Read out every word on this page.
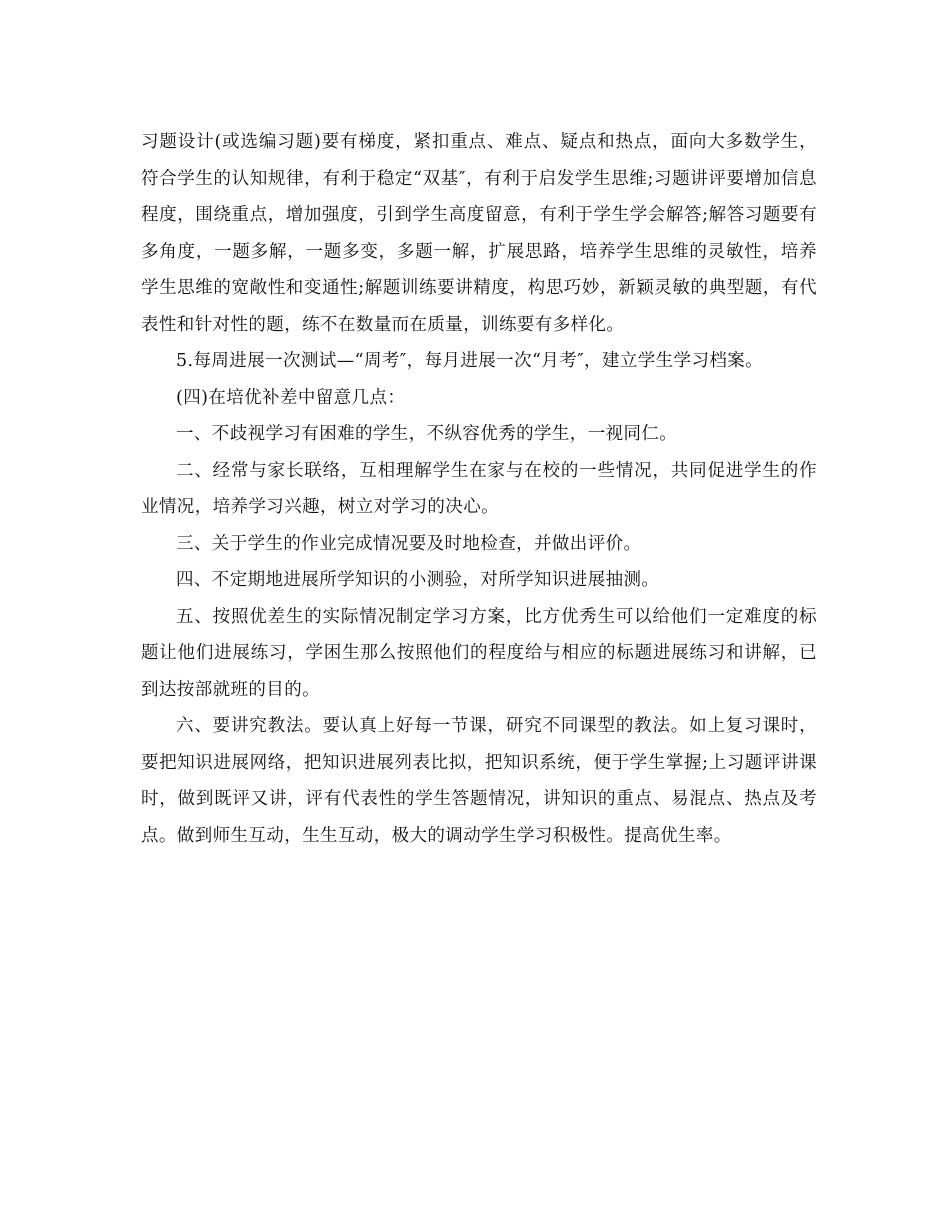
习题设计(或选编习题)要有梯度，紧扣重点、难点、疑点和热点，面向大多数学生，符合学生的认知规律，有利于稳定“双基″，有利于启发学生思维;习题讲评要增加信息程度，围绕重点，增加强度，引到学生高度留意，有利于学生学会解答;解答习题要有多角度，一题多解，一题多变，多题一解，扩展思路，培养学生思维的灵敏性，培养学生思维的宽敞性和变通性;解题训练要讲精度，构思巧妙，新颖灵敏的典型题，有代表性和针对性的题，练不在数量而在质量，训练要有多样化。

5.每周进展一次测试—“周考″，每月进展一次“月考″，建立学生学习档案。

(四)在培优补差中留意几点：

一、不歧视学习有困难的学生，不纵容优秀的学生，一视同仁。

二、经常与家长联络，互相理解学生在家与在校的一些情况，共同促进学生的作业情况，培养学习兴趣，树立对学习的决心。

三、关于学生的作业完成情况要及时地检查，并做出评价。

四、不定期地进展所学知识的小测验，对所学知识进展抽测。

五、按照优差生的实际情况制定学习方案，比方优秀生可以给他们一定难度的标题让他们进展练习，学困生那么按照他们的程度给与相应的标题进展练习和讲解，已到达按部就班的目的。

六、要讲究教法。要认真上好每一节课，研究不同课型的教法。如上复习课时，要把知识进展网络，把知识进展列表比拟，把知识系统，便于学生掌握;上习题评讲课时，做到既评又讲，评有代表性的学生答题情况，讲知识的重点、易混点、热点及考点。做到师生互动，生生互动，极大的调动学生学习积极性。提高优生率。
